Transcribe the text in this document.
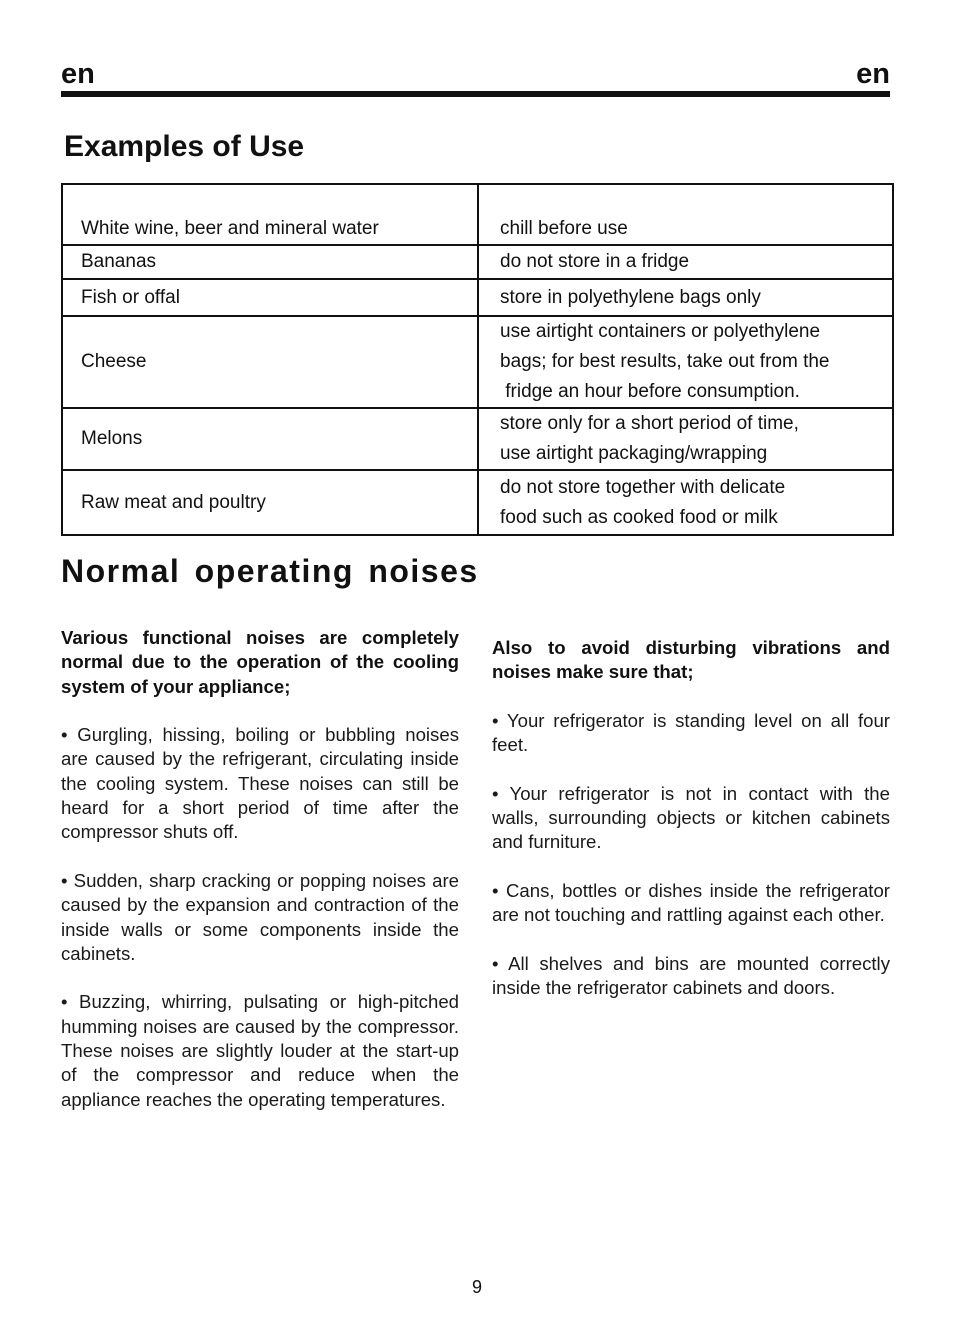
en	en
Examples of Use
White wine, beer and mineral water	chill before use

Bananas	do not store in a fridge

Fish or offal	store in polyethylene bags only

Cheese	use airtight containers or polyethylene
bags; for best results, take out from the
fridge an hour before consumption.

Melons	store only for a short period of time,
use airtight packaging/wrapping

Raw meat and poultry	do not store together with delicate
food such as cooked food or milk
Normal operating noises

Various functional noises are completely normal due to the operation of the cooling system of your appliance;

• Gurgling, hissing, boiling or bubbling noises are caused by the refrigerant, circulating inside the cooling system. These noises can still be heard for a short period of time after the compressor shuts off.

• Sudden, sharp cracking or popping noises are caused by the expansion and contraction of the inside walls or some components inside the cabinets.

• Buzzing, whirring, pulsating or high-pitched humming noises are caused by the compressor. These noises are slightly louder at the start-up of the compressor and reduce when the appliance reaches the operating temperatures.

Also to avoid disturbing vibrations and noises make sure that;

• Your refrigerator is standing level on all four feet.

• Your refrigerator is not in contact with the walls, surrounding objects or kitchen cabinets and furniture.

• Cans, bottles or dishes inside the refrigerator are not touching and rattling against each other.

• All shelves and bins are mounted correctly inside the refrigerator cabinets and doors.

9
